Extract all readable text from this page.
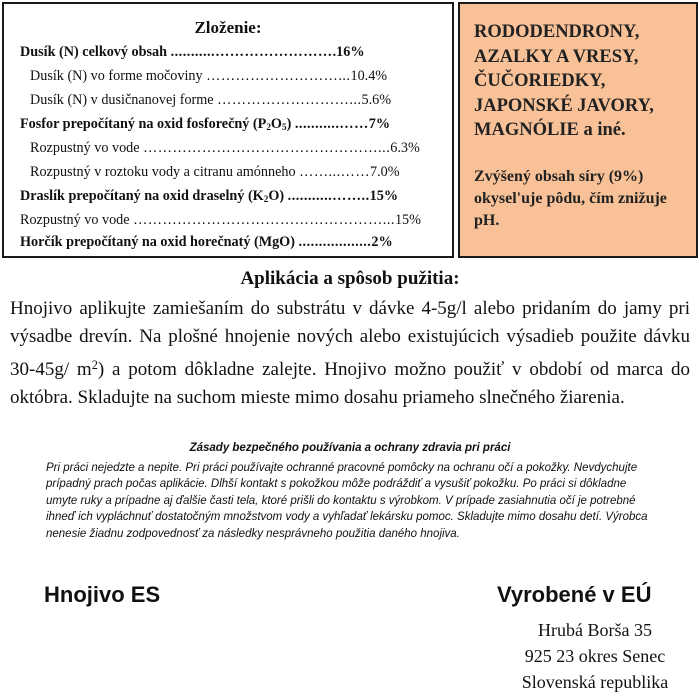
Zloženie:
Dusík (N) celkový obsah ...........…………………….16%
Dusík (N) vo forme močoviny ………………………...10.4%
Dusík (N) v dusičnanovej forme ………………………...5.6%
Fosfor prepočítaný na oxid fosforečný $(P_2O_5)$ ...........……7%
Rozpustný vo vode …………………………………………...6.3%
Rozpustný v roztoku vody a citranu amónneho ……...……7.0%
Draslík prepočítaný na oxid draselný $(K_2O)$ ...........……..15%
Rozpustný vo vode ……………………………………………...15%
Horčík prepočítaný na oxid horečnatý (MgO) ..................2%
RODODENDRONY,
AZALKY A VRESY,
ČUČORIEDKY,
JAPONSKÉ JAVORY,
MAGNÓLIE a iné.
Zvýšený obsah síry (9%) okysel'uje pôdu, čím znižuje pH.
Aplikácia a spôsob pužitia:
Hnojivo aplikujte zamiešaním do substrátu v dávke 4-5g/l alebo pridaním do jamy pri výsadbe drevín. Na plošné hnojenie nových alebo existujúcich výsadieb použite dávku 30-45g/ $m^2$) a potom dôkladne zalejte. Hnojivo možno použiť v období od marca do októbra. Skladujte na suchom mieste mimo dosahu priameho slnečného žiarenia.
Zásady bezpečného používania a ochrany zdravia pri práci
Pri práci nejedzte a nepite. Pri práci používajte ochranné pracovné pomôcky na ochranu očí a pokožky. Nevdychujte
prípadný prach počas aplikácie. Dlhší kontakt s pokožkou môže podráždiť a vysušiť pokožku. Po práci si dôkladne
umyte ruky a prípadne aj ďalšie časti tela, ktoré prišli do kontaktu s výrobkom. V prípade zasiahnutia očí je potrebné
ihneď ich vypláchnuť dostatočným množstvom vody a vyhľadať lekársku pomoc. Skladujte mimo dosahu detí. Výrobca
nenesie žiadnu zodpovednosť za následky nesprávneho použitia daného hnojiva.
Hnojivo ES	Vyrobené v EÚ
Hrubá Borša 35
925 23 okres Senec
Slovenská republika
